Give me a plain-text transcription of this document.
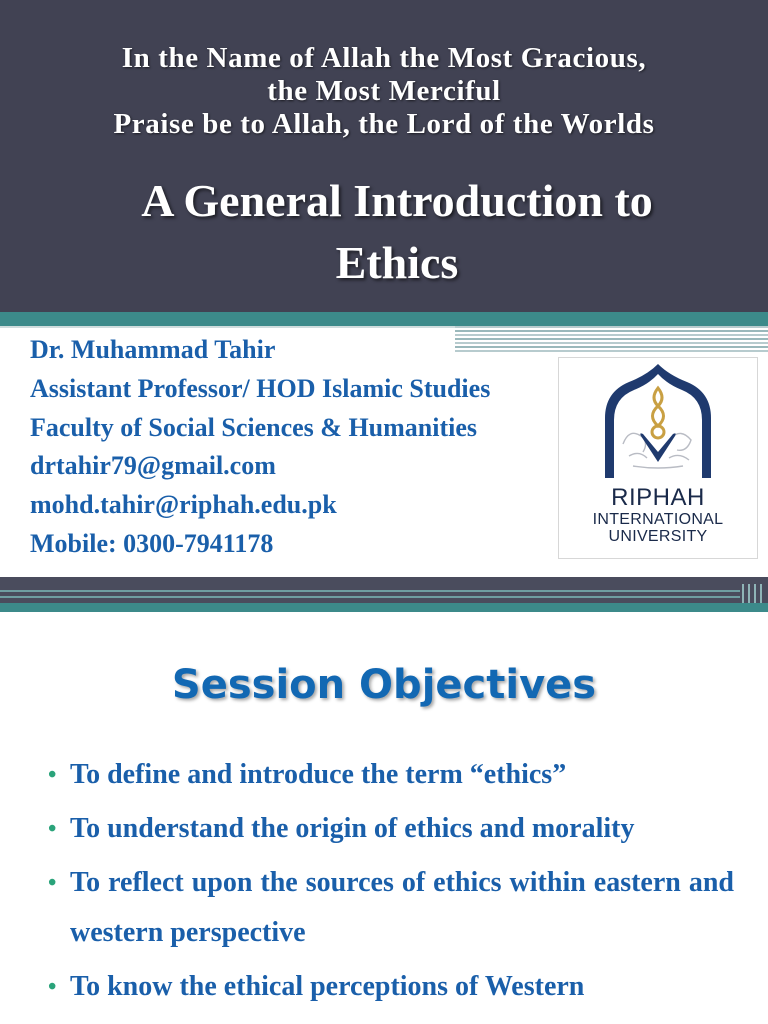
In the Name of Allah the Most Gracious,
the Most Merciful
Praise be to Allah, the Lord of the Worlds
A General Introduction to
Ethics
Dr. Muhammad Tahir
Assistant Professor/ HOD Islamic Studies
Faculty of Social Sciences & Humanities
drtahir79@gmail.com
mohd.tahir@riphah.edu.pk
Mobile: 0300-7941178
RIPHAH
INTERNATIONAL
UNIVERSITY
Session Objectives
• To define and introduce the term “ethics”
• To understand the origin of ethics and morality
• To reflect upon the sources of ethics within eastern and western perspective
• To know the ethical perceptions of Western
